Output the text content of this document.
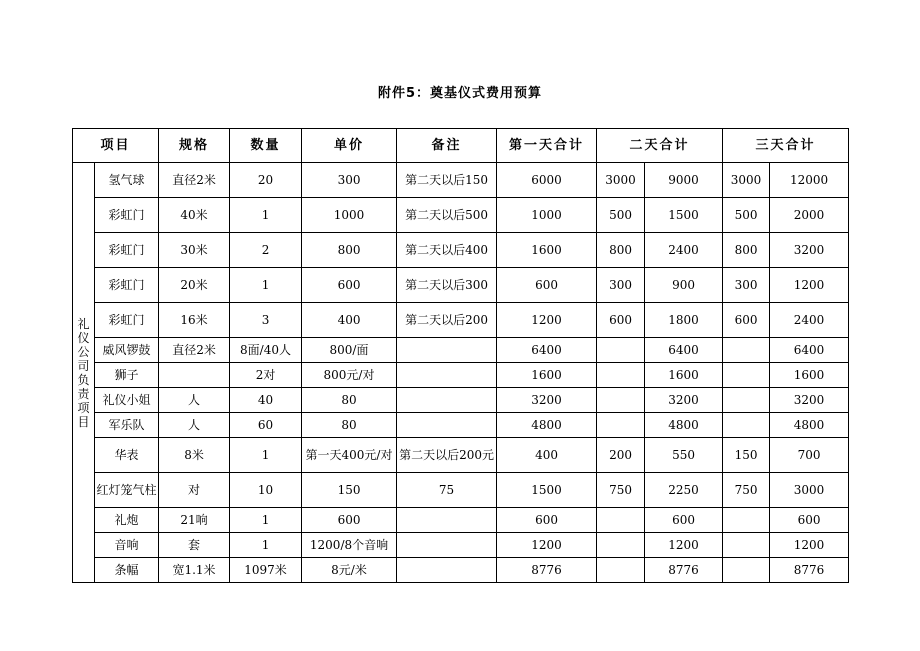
附件5：奠基仪式费用预算
项目		规格	数量	单价	备注	第一天合计	二天合计		三天合计	
礼仪公司负责项目	氢气球	直径2米	20	300	第二天以后150	6000	3000	9000	3000	12000
	彩虹门	40米	1	1000	第二天以后500	1000	500	1500	500	2000
	彩虹门	30米	2	800	第二天以后400	1600	800	2400	800	3200
	彩虹门	20米	1	600	第二天以后300	600	300	900	300	1200
	彩虹门	16米	3	400	第二天以后200	1200	600	1800	600	2400
	威风锣鼓	直径2米	8面/40人	800/面		6400		6400		6400
	狮子		2对	800元/对		1600		1600		1600
	礼仪小姐	人	40	80		3200		3200		3200
	军乐队	人	60	80		4800		4800		4800
	华表	8米	1	第一天400元/对	第二天以后200元	400	200	550	150	700
	红灯笼气柱	对	10	150	75	1500	750	2250	750	3000
	礼炮	21响	1	600		600		600		600
	音响	套	1	1200/8个音响		1200		1200		1200
	条幅	宽1.1米	1097米	8元/米		8776		8776		8776
